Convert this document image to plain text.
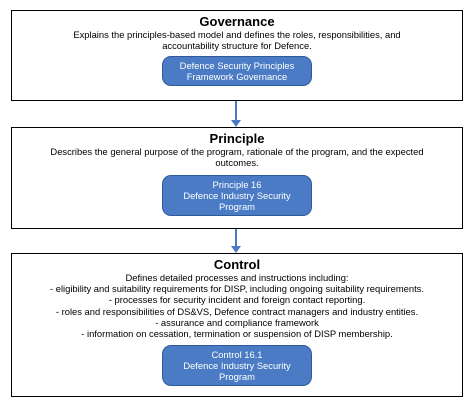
Governance
Explains the principles-based model and defines the roles, responsibilities, and
accountability structure for Defence.
Defence Security Principles
Framework Governance
Principle
Describes the general purpose of the program, rationale of the program, and the expected
outcomes.
Principle 16
Defence Industry Security
Program
Control
Defines detailed processes and instructions including:
- eligibility and suitability requirements for DISP, including ongoing suitability requirements.
- processes for security incident and foreign contact reporting.
- roles and responsibilities of DS&VS, Defence contract managers and industry entities.
- assurance and compliance framework
- information on cessation, termination or suspension of DISP membership.
Control 16.1
Defence Industry Security
Program
